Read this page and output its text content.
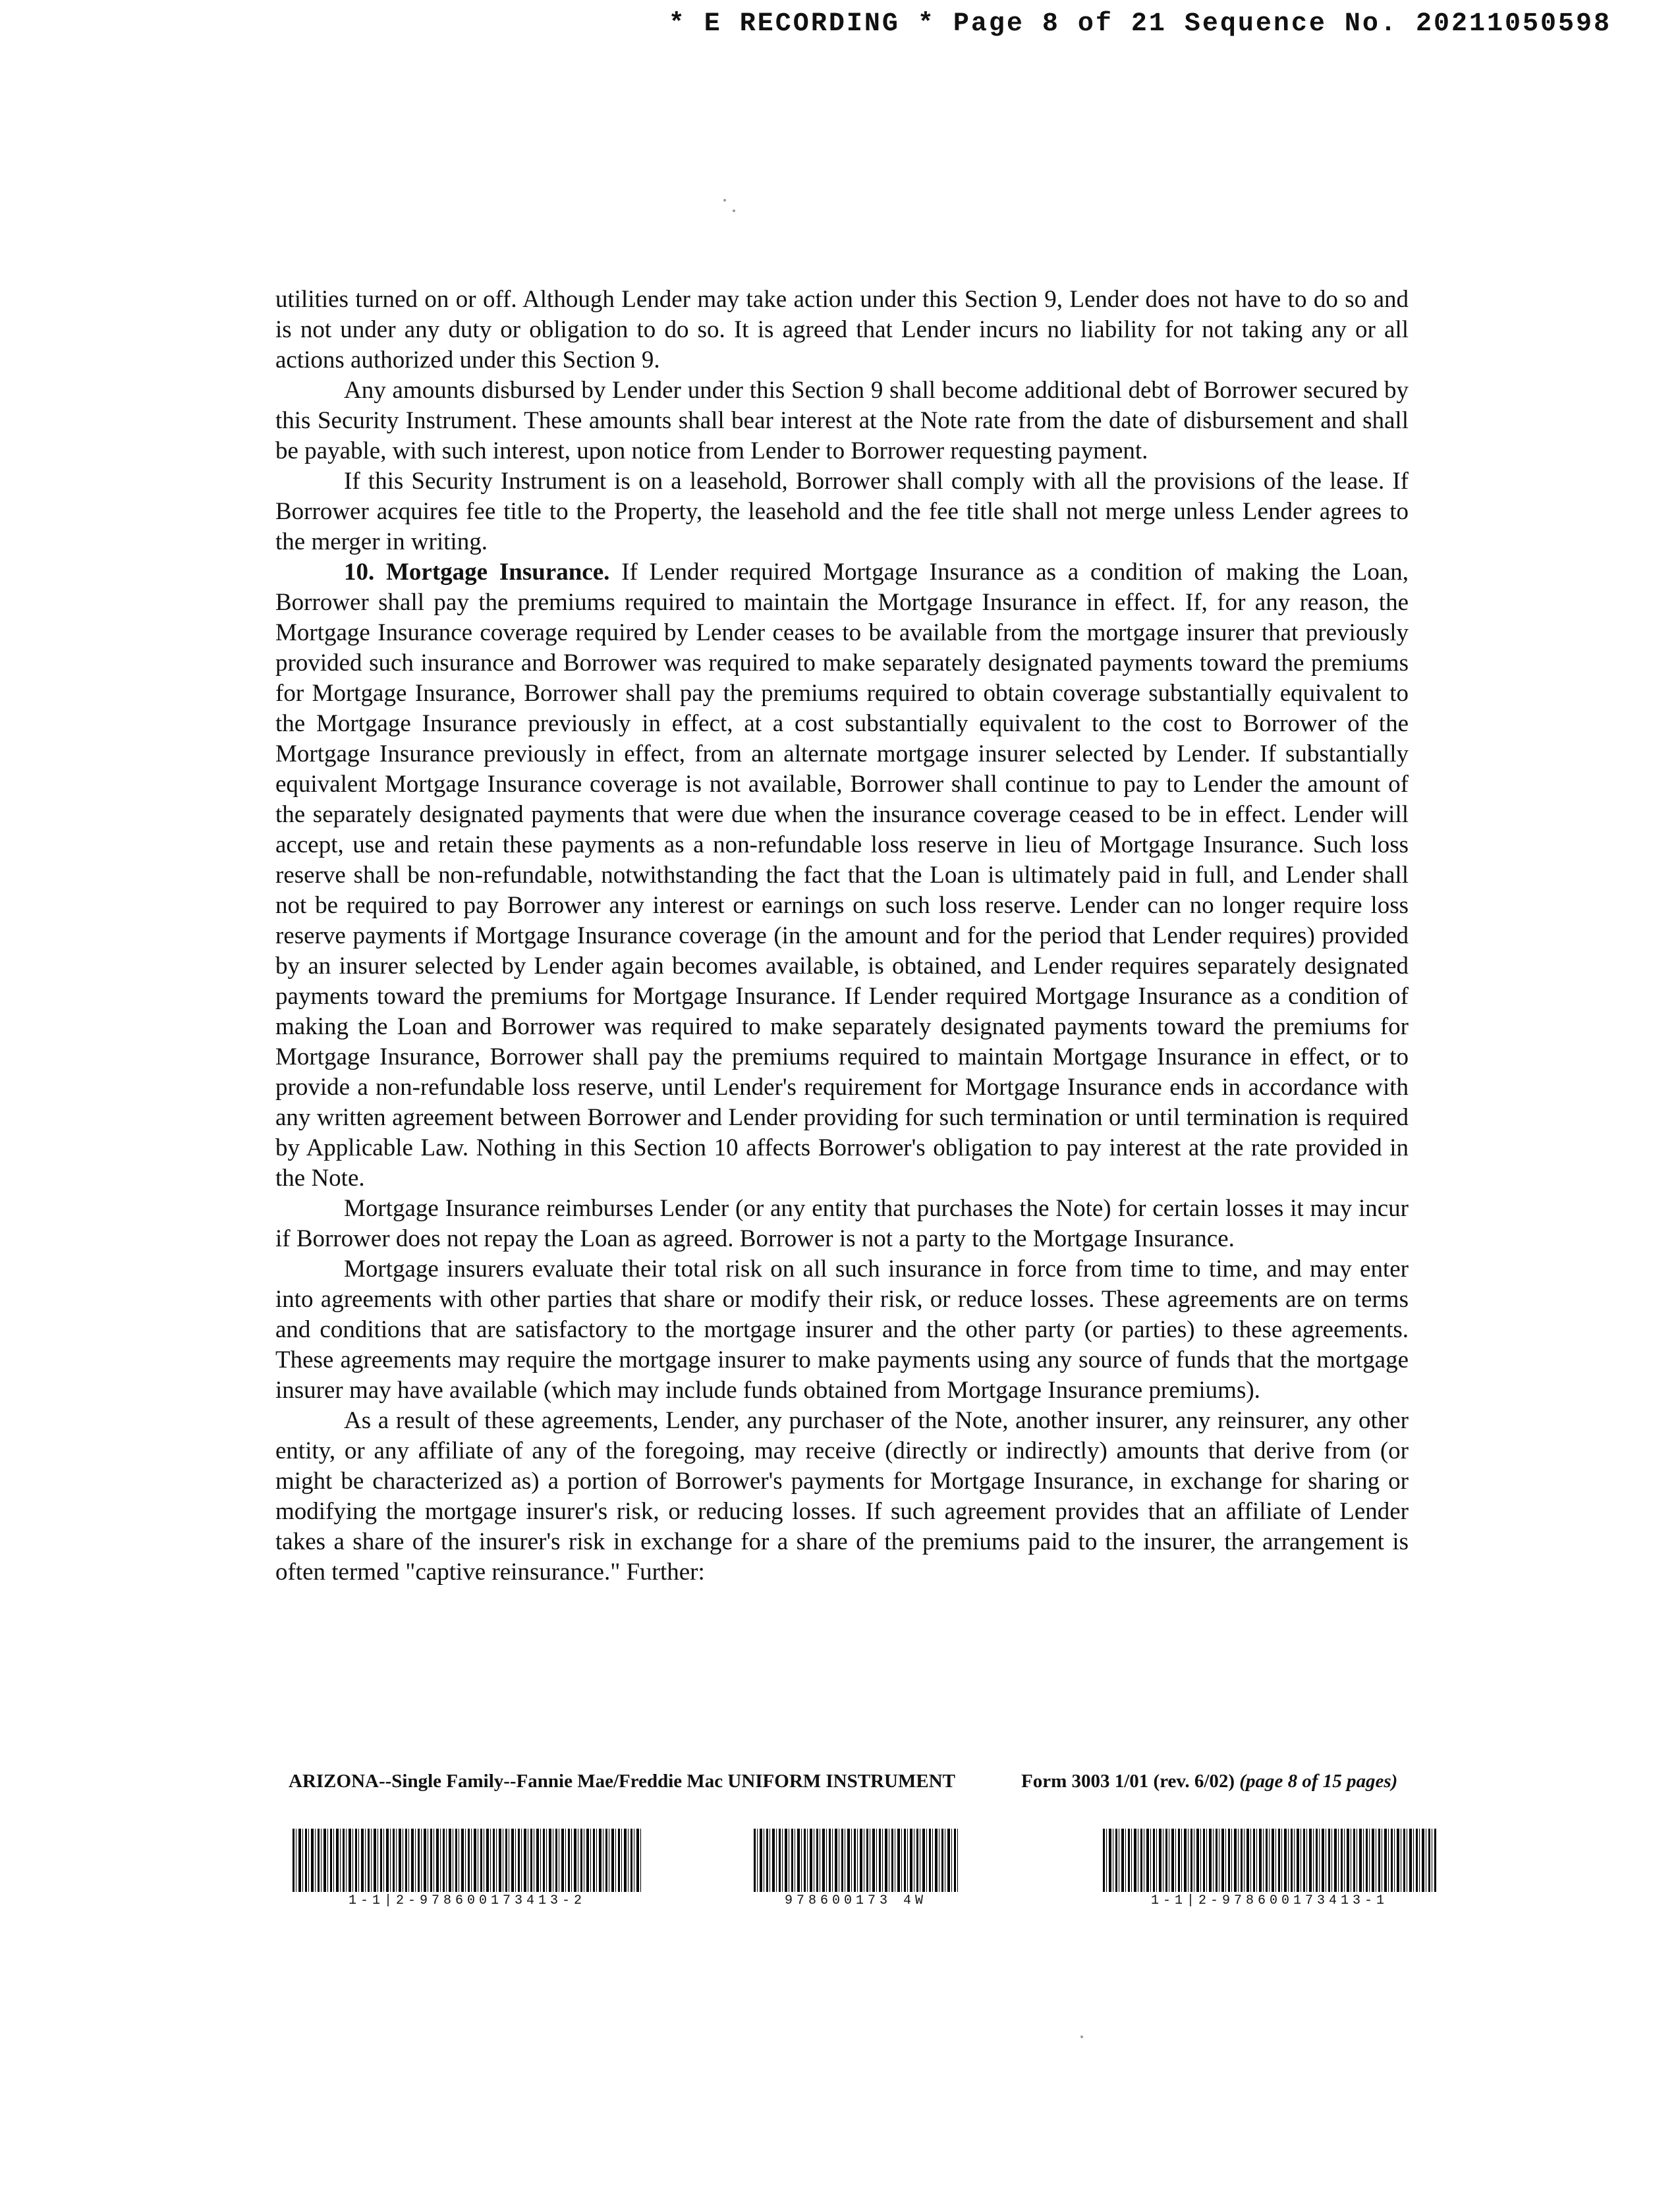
* E RECORDING * Page 8 of 21 Sequence No. 20211050598

utilities turned on or off. Although Lender may take action under this Section 9, Lender does not have to do so and is not under any duty or obligation to do so. It is agreed that Lender incurs no liability for not taking any or all actions authorized under this Section 9.

Any amounts disbursed by Lender under this Section 9 shall become additional debt of Borrower secured by this Security Instrument. These amounts shall bear interest at the Note rate from the date of disbursement and shall be payable, with such interest, upon notice from Lender to Borrower requesting payment.

If this Security Instrument is on a leasehold, Borrower shall comply with all the provisions of the lease. If Borrower acquires fee title to the Property, the leasehold and the fee title shall not merge unless Lender agrees to the merger in writing.

10. Mortgage Insurance. If Lender required Mortgage Insurance as a condition of making the Loan, Borrower shall pay the premiums required to maintain the Mortgage Insurance in effect. If, for any reason, the Mortgage Insurance coverage required by Lender ceases to be available from the mortgage insurer that previously provided such insurance and Borrower was required to make separately designated payments toward the premiums for Mortgage Insurance, Borrower shall pay the premiums required to obtain coverage substantially equivalent to the Mortgage Insurance previously in effect, at a cost substantially equivalent to the cost to Borrower of the Mortgage Insurance previously in effect, from an alternate mortgage insurer selected by Lender. If substantially equivalent Mortgage Insurance coverage is not available, Borrower shall continue to pay to Lender the amount of the separately designated payments that were due when the insurance coverage ceased to be in effect. Lender will accept, use and retain these payments as a non-refundable loss reserve in lieu of Mortgage Insurance. Such loss reserve shall be non-refundable, notwithstanding the fact that the Loan is ultimately paid in full, and Lender shall not be required to pay Borrower any interest or earnings on such loss reserve. Lender can no longer require loss reserve payments if Mortgage Insurance coverage (in the amount and for the period that Lender requires) provided by an insurer selected by Lender again becomes available, is obtained, and Lender requires separately designated payments toward the premiums for Mortgage Insurance. If Lender required Mortgage Insurance as a condition of making the Loan and Borrower was required to make separately designated payments toward the premiums for Mortgage Insurance, Borrower shall pay the premiums required to maintain Mortgage Insurance in effect, or to provide a non-refundable loss reserve, until Lender's requirement for Mortgage Insurance ends in accordance with any written agreement between Borrower and Lender providing for such termination or until termination is required by Applicable Law. Nothing in this Section 10 affects Borrower's obligation to pay interest at the rate provided in the Note.

Mortgage Insurance reimburses Lender (or any entity that purchases the Note) for certain losses it may incur if Borrower does not repay the Loan as agreed. Borrower is not a party to the Mortgage Insurance.

Mortgage insurers evaluate their total risk on all such insurance in force from time to time, and may enter into agreements with other parties that share or modify their risk, or reduce losses. These agreements are on terms and conditions that are satisfactory to the mortgage insurer and the other party (or parties) to these agreements. These agreements may require the mortgage insurer to make payments using any source of funds that the mortgage insurer may have available (which may include funds obtained from Mortgage Insurance premiums).

As a result of these agreements, Lender, any purchaser of the Note, another insurer, any reinsurer, any other entity, or any affiliate of any of the foregoing, may receive (directly or indirectly) amounts that derive from (or might be characterized as) a portion of Borrower's payments for Mortgage Insurance, in exchange for sharing or modifying the mortgage insurer's risk, or reducing losses. If such agreement provides that an affiliate of Lender takes a share of the insurer's risk in exchange for a share of the premiums paid to the insurer, the arrangement is often termed "captive reinsurance." Further:

ARIZONA--Single Family--Fannie Mae/Freddie Mac UNIFORM INSTRUMENT	Form 3003 1/01 (rev. 6/02) (page 8 of 15 pages)
1-1|2-978600173413-2	978600173 4W	1-1|2-978600173413-1
